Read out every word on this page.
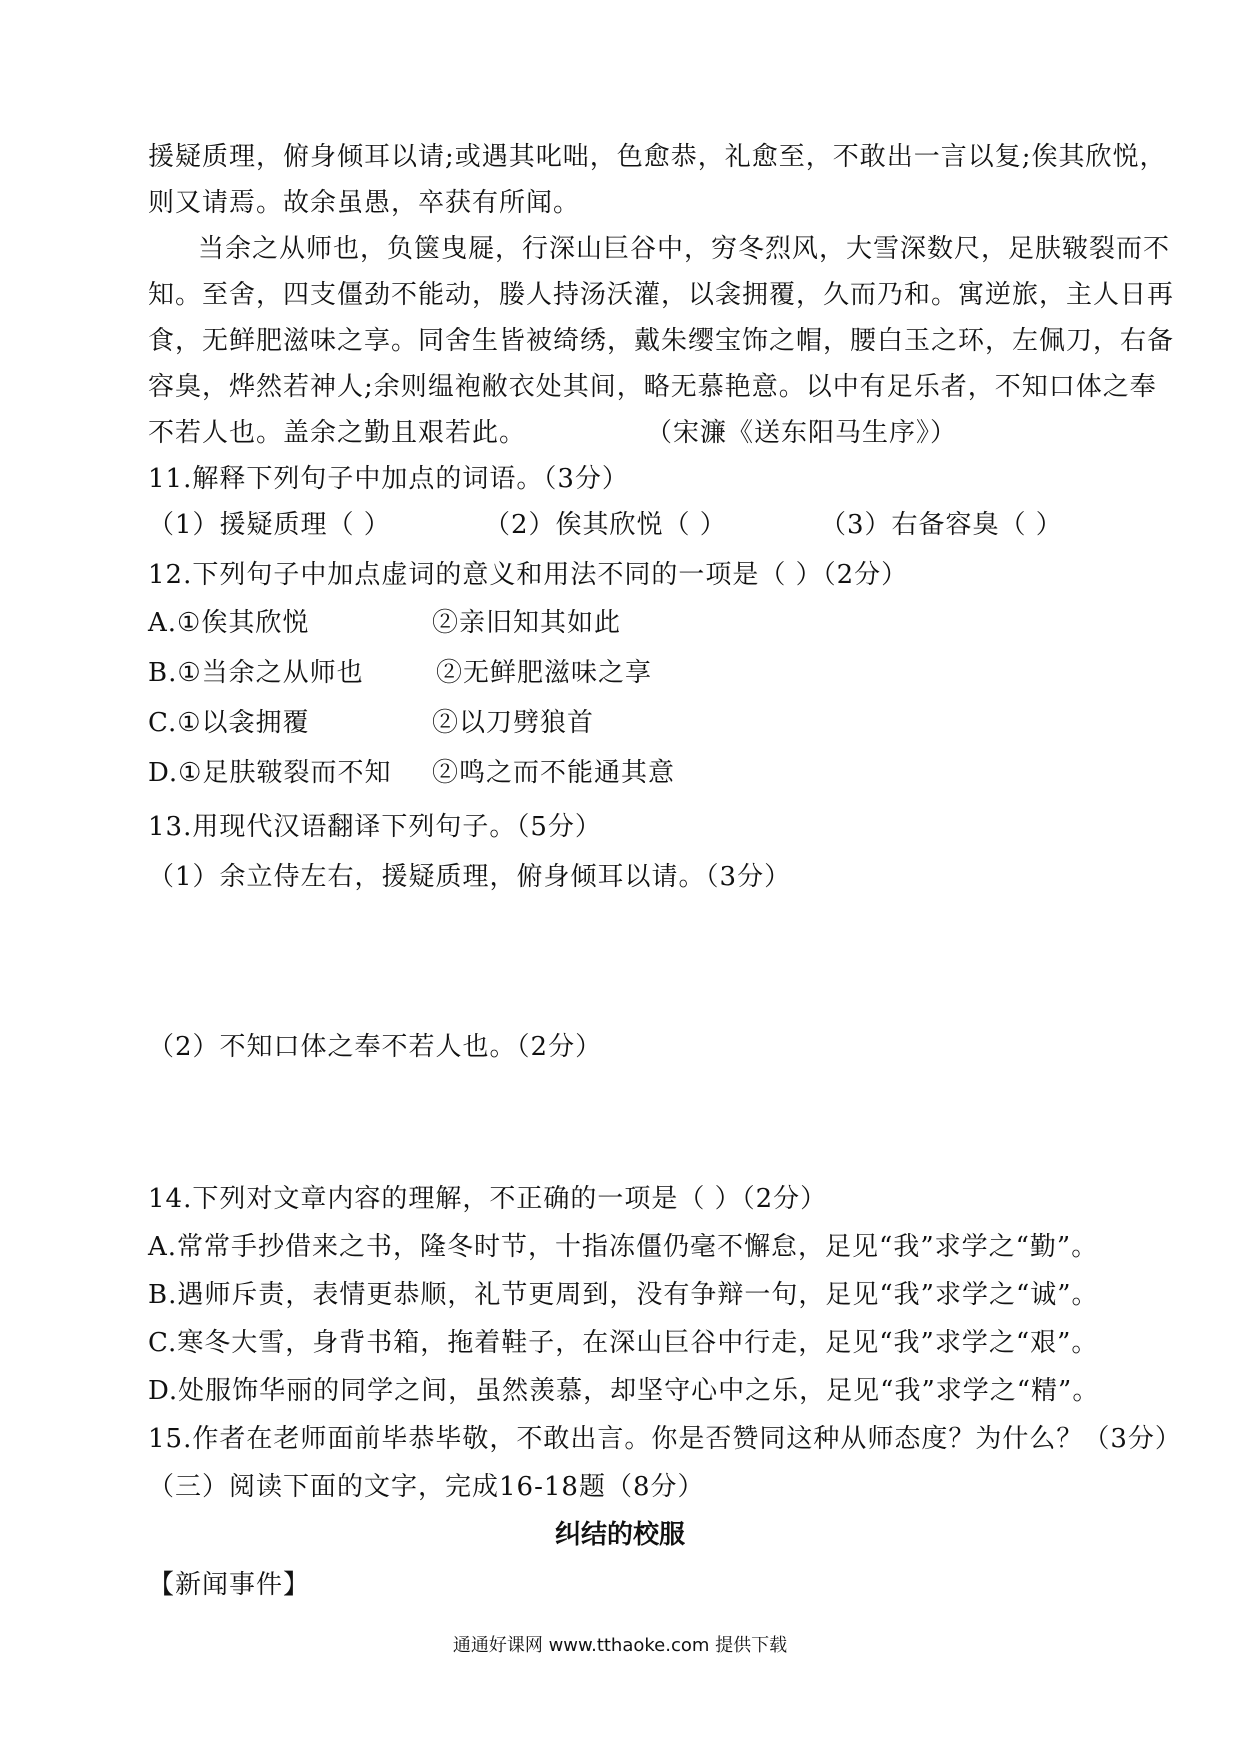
援疑质理，俯身倾耳以请;或遇其叱咄，色愈恭，礼愈至，不敢出一言以复;俟其欣悦，
则又请焉。故余虽愚，卒获有所闻。
当余之从师也，负箧曳屣，行深山巨谷中，穷冬烈风，大雪深数尺，足肤皲裂而不
知。至舍，四支僵劲不能动，媵人持汤沃灌，以衾拥覆，久而乃和。寓逆旅，主人日再
食，无鲜肥滋味之享。同舍生皆被绮绣，戴朱缨宝饰之帽，腰白玉之环，左佩刀，右备
容臭，烨然若神人;余则缊袍敝衣处其间，略无慕艳意。以中有足乐者，不知口体之奉
不若人也。盖余之勤且艰若此。	（宋濂《送东阳马生序》）
11.解释下列句子中加点的词语。（3分）
（1）援疑质理（ ）	（2）俟其欣悦（ ）	（3）右备容臭（ ）
12.下列句子中加点虚词的意义和用法不同的一项是（ ）（2分）
A.①俟其欣悦	②亲旧知其如此
B.①当余之从师也	②无鲜肥滋味之享
C.①以衾拥覆	②以刀劈狼首
D.①足肤皲裂而不知 ②鸣之而不能通其意
13.用现代汉语翻译下列句子。（5分）
（1）余立侍左右，援疑质理，俯身倾耳以请。（3分）
（2）不知口体之奉不若人也。（2分）
14.下列对文章内容的理解，不正确的一项是（ ）（2分）
A.常常手抄借来之书，隆冬时节，十指冻僵仍毫不懈怠，足见“我”求学之“勤”。
B.遇师斥责，表情更恭顺，礼节更周到，没有争辩一句，足见“我”求学之“诚”。
C.寒冬大雪，身背书箱，拖着鞋子，在深山巨谷中行走，足见“我”求学之“艰”。
D.处服饰华丽的同学之间，虽然羡慕，却坚守心中之乐，足见“我”求学之“精”。
15.作者在老师面前毕恭毕敬，不敢出言。你是否赞同这种从师态度？为什么？（3分）
（三）阅读下面的文字，完成16-18题（8分）
纠结的校服
【新闻事件】
通通好课网 www.tthaoke.com 提供下载
